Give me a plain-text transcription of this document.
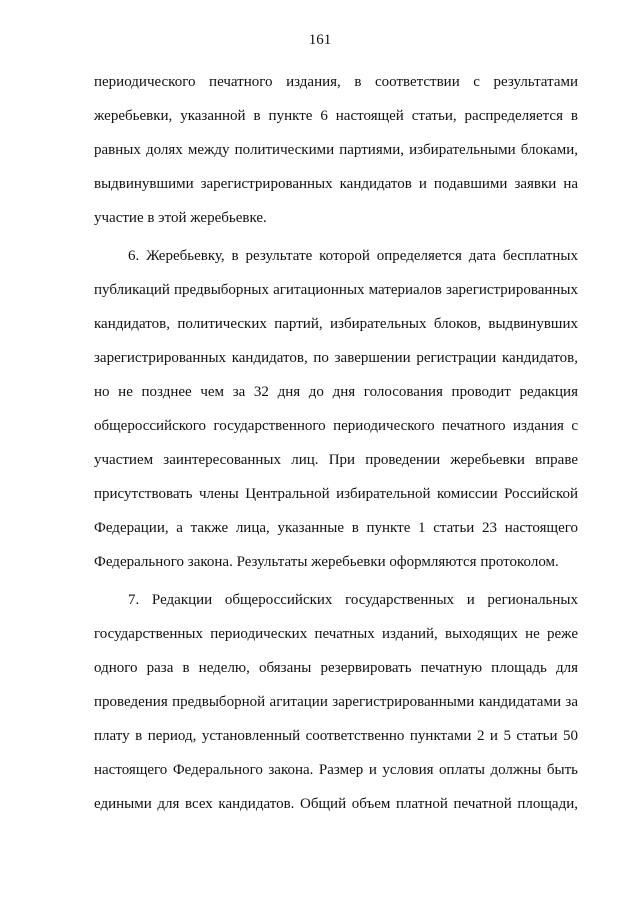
161
периодического печатного издания, в соответствии с результатами
жеребьевки, указанной в пункте 6 настоящей статьи, распределяется в
равных долях между политическими партиями, избирательными блоками,
выдвинувшими зарегистрированных кандидатов и подавшими заявки на
участие в этой жеребьевке.
6. Жеребьевку, в результате которой определяется дата бесплатных
публикаций предвыборных агитационных материалов зарегистрированных
кандидатов, политических партий, избирательных блоков, выдвинувших
зарегистрированных кандидатов, по завершении регистрации кандидатов,
но не позднее чем за 32 дня до дня голосования проводит редакция
общероссийского государственного периодического печатного издания с
участием заинтересованных лиц. При проведении жеребьевки вправе
присутствовать члены Центральной избирательной комиссии Российской
Федерации, а также лица, указанные в пункте 1 статьи 23 настоящего
Федерального закона. Результаты жеребьевки оформляются протоколом.
7. Редакции общероссийских государственных и региональных
государственных периодических печатных изданий, выходящих не реже
одного раза в неделю, обязаны резервировать печатную площадь для
проведения предвыборной агитации зарегистрированными кандидатами за
плату в период, установленный соответственно пунктами 2 и 5 статьи 50
настоящего Федерального закона. Размер и условия оплаты должны быть
едиными для всех кандидатов. Общий объем платной печатной площади,
